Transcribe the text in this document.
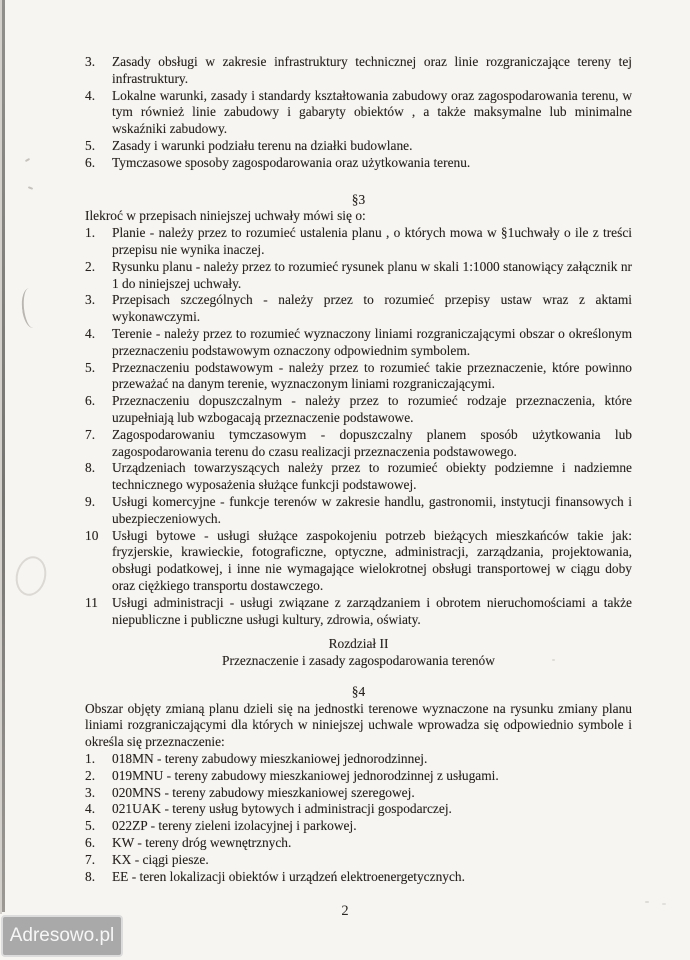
3.	Zasady obsługi w zakresie infrastruktury technicznej oraz linie rozgraniczające tereny tej infrastruktury.
4.	Lokalne warunki, zasady i standardy kształtowania zabudowy oraz zagospodarowania terenu, w tym również linie zabudowy i gabaryty obiektów , a także maksymalne lub minimalne wskaźniki zabudowy.
5.	Zasady i warunki podziału terenu na działki budowlane.
6.	Tymczasowe sposoby zagospodarowania oraz użytkowania terenu.
§3
Ilekroć w przepisach niniejszej uchwały mówi się o:
1.	Planie - należy przez to rozumieć ustalenia planu , o których mowa w §1uchwały o ile z treści przepisu nie wynika inaczej.
2.	Rysunku planu - należy przez to rozumieć rysunek planu w skali 1:1000 stanowiący załącznik nr 1 do niniejszej uchwały.
3.	Przepisach szczególnych - należy przez to rozumieć przepisy ustaw wraz z aktami wykonawczymi.
4.	Terenie - należy przez to rozumieć wyznaczony liniami rozgraniczającymi obszar o określonym przeznaczeniu podstawowym oznaczony odpowiednim symbolem.
5.	Przeznaczeniu podstawowym - należy przez to rozumieć takie przeznaczenie, które powinno przeważać na danym terenie, wyznaczonym liniami rozgraniczającymi.
6.	Przeznaczeniu dopuszczalnym - należy przez to rozumieć rodzaje przeznaczenia, które uzupełniają lub wzbogacają przeznaczenie podstawowe.
7.	Zagospodarowaniu tymczasowym - dopuszczalny planem sposób użytkowania lub zagospodarowania terenu do czasu realizacji przeznaczenia podstawowego.
8.	Urządzeniach towarzyszących należy przez to rozumieć obiekty podziemne i nadziemne technicznego wyposażenia służące funkcji podstawowej.
9.	Usługi komercyjne - funkcje terenów w zakresie handlu, gastronomii, instytucji finansowych i ubezpieczeniowych.
10	Usługi bytowe - usługi służące zaspokojeniu potrzeb bieżących mieszkańców takie jak: fryzjerskie, krawieckie, fotograficzne, optyczne, administracji, zarządzania, projektowania, obsługi podatkowej, i inne nie wymagające wielokrotnej obsługi transportowej w ciągu doby oraz ciężkiego transportu dostawczego.
11	Usługi administracji - usługi związane z zarządzaniem i obrotem nieruchomościami a także niepubliczne i publiczne usługi kultury, zdrowia, oświaty.
Rozdział II
Przeznaczenie i zasady zagospodarowania terenów
§4
Obszar objęty zmianą planu dzieli się na jednostki terenowe wyznaczone na rysunku zmiany planu liniami rozgraniczającymi dla których w niniejszej uchwale wprowadza się odpowiednio symbole i określa się przeznaczenie:
1.	018MN - tereny zabudowy mieszkaniowej jednorodzinnej.
2.	019MNU - tereny zabudowy mieszkaniowej jednorodzinnej z usługami.
3.	020MNS - tereny zabudowy mieszkaniowej szeregowej.
4.	021UAK - tereny usług bytowych i administracji gospodarczej.
5.	022ZP - tereny zieleni izolacyjnej i parkowej.
6.	KW - tereny dróg wewnętrznych.
7.	KX - ciągi piesze.
8.	EE - teren lokalizacji obiektów i urządzeń elektroenergetycznych.
2
Adresowo.pl
